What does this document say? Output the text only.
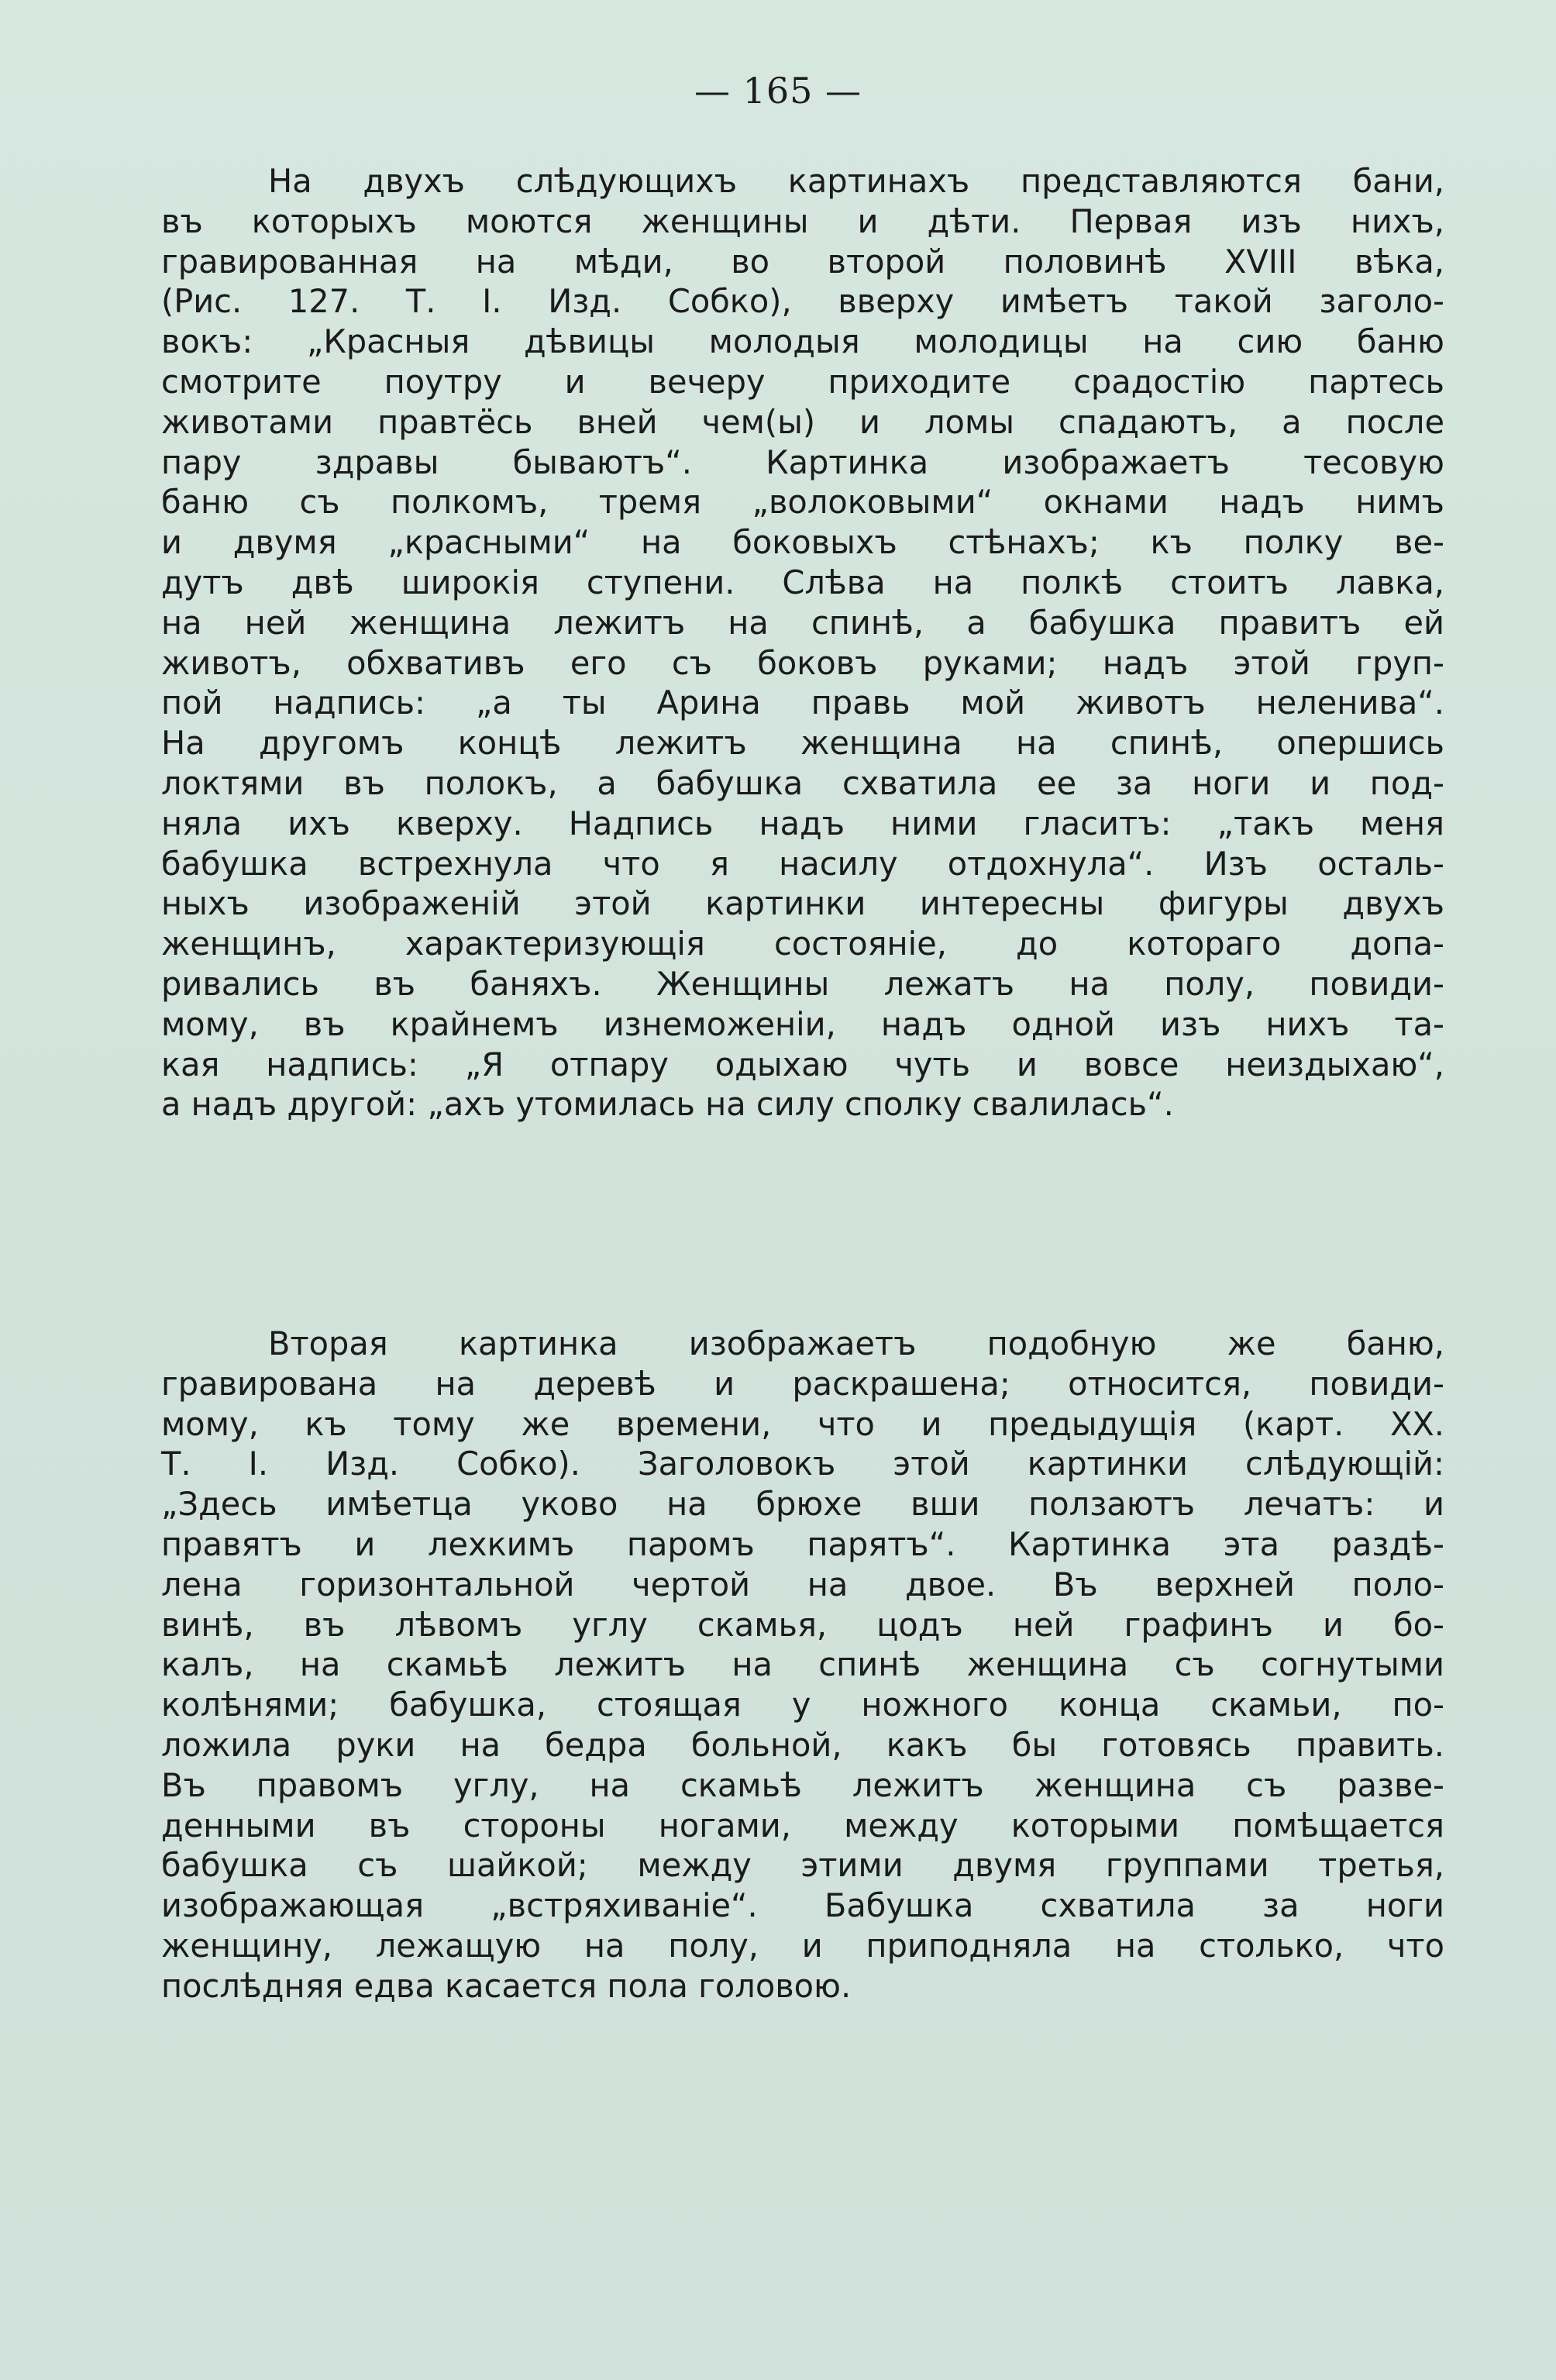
— 165 —
На двухъ слѣдующихъ картинахъ представляются бани,
въ которыхъ моются женщины и дѣти. Первая изъ нихъ,
гравированная на мѣди, во второй половинѣ XVIII вѣка,
(Рис. 127. Т. I. Изд. Собко), вверху имѣетъ такой заголо-
вокъ: „Красныя дѣвицы молодыя молодицы на сию баню
смотрите поутру и вечеру приходите срадостію партесь
животами правтёсь вней чем(ы) и ломы спадаютъ, а после
пару здравы бываютъ“. Картинка изображаетъ тесовую
баню съ полкомъ, тремя „волоковыми“ окнами надъ нимъ
и двумя „красными“ на боковыхъ стѣнахъ; къ полку ве-
дутъ двѣ широкія ступени. Слѣва на полкѣ стоитъ лавка,
на ней женщина лежитъ на спинѣ, а бабушка правитъ ей
животъ, обхвативъ его съ боковъ руками; надъ этой груп-
пой надпись: „а ты Арина правь мой животъ неленива“.
На другомъ концѣ лежитъ женщина на спинѣ, опершись
локтями въ полокъ, а бабушка схватила ее за ноги и под-
няла ихъ кверху. Надпись надъ ними гласитъ: „такъ меня
бабушка встрехнула что я насилу отдохнула“. Изъ осталь-
ныхъ изображеній этой картинки интересны фигуры двухъ
женщинъ, характеризующія состояніе, до котораго допа-
ривались въ баняхъ. Женщины лежатъ на полу, повиди-
мому, въ крайнемъ изнеможеніи, надъ одной изъ нихъ та-
кая надпись: „Я отпару одыхаю чуть и вовсе неиздыхаю“,
а надъ другой: „ахъ утомилась на силу сполку свалилась“.
Вторая картинка изображаетъ подобную же баню,
гравирована на деревѣ и раскрашена; относится, повиди-
мому, къ тому же времени, что и предыдущія (карт. XX.
Т. I. Изд. Собко). Заголовокъ этой картинки слѣдующій:
„Здесь имѣетца уково на брюхе вши ползаютъ лечатъ: и
правятъ и лехкимъ паромъ парятъ“. Картинка эта раздѣ-
лена горизонтальной чертой на двое. Въ верхней поло-
винѣ, въ лѣвомъ углу скамья, цодъ ней графинъ и бо-
калъ, на скамьѣ лежитъ на спинѣ женщина съ согнутыми
колѣнями; бабушка, стоящая у ножного конца скамьи, по-
ложила руки на бедра больной, какъ бы готовясь править.
Въ правомъ углу, на скамьѣ лежитъ женщина съ разве-
денными въ стороны ногами, между которыми помѣщается
бабушка съ шайкой; между этими двумя группами третья,
изображающая „встряхиваніе“. Бабушка схватила за ноги
женщину, лежащую на полу, и приподняла на столько, что
послѣдняя едва касается пола головою.
